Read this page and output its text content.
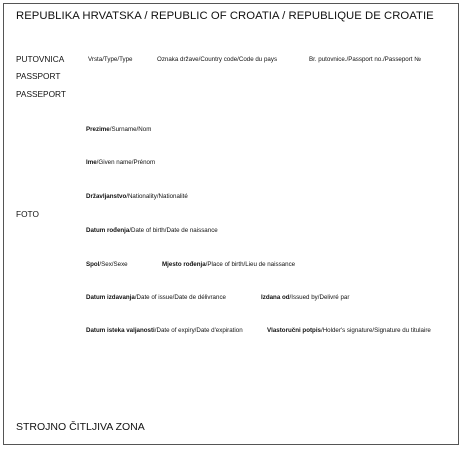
REPUBLIKA HRVATSKA / REPUBLIC OF CROATIA / REPUBLIQUE DE CROATIE
PUTOVNICA
PASSPORT
PASSEPORT
Vrsta/Type/Type	Oznaka države/Country code/Code du pays	Br. putovnice./Passport no./Passeport №
FOTO
Prezime/Surname/Nom
Ime/Given name/Prénom
Državljanstvo/Nationality/Nationalité
Datum rođenja/Date of birth/Date de naissance
Spol/Sex/Sexe	Mjesto rođenja/Place of birth/Lieu de naissance
Datum izdavanja/Date of issue/Date de délivrance	Izdana od/Issued by/Delivré par
Datum isteka valjanosti/Date of expiry/Date d'expiration	Vlastoručni potpis/Holder's signature/Signature du titulaire
STROJNO ČITLJIVA ZONA
